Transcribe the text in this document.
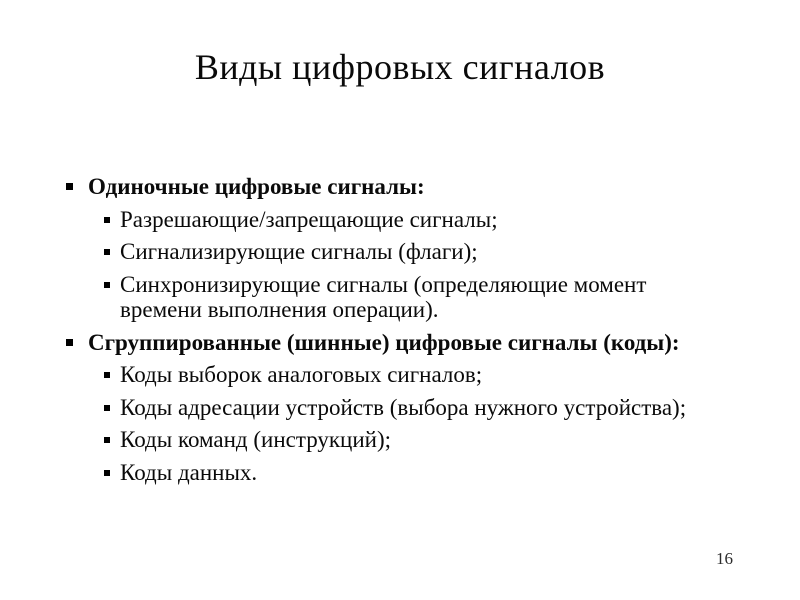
Виды цифровых сигналов
Одиночные цифровые сигналы:
Разрешающие/запрещающие сигналы;
Сигнализирующие сигналы (флаги);
Синхронизирующие сигналы (определяющие момент времени выполнения операции).
Сгруппированные (шинные) цифровые сигналы (коды):
Коды выборок аналоговых сигналов;
Коды адресации устройств (выбора нужного устройства);
Коды команд (инструкций);
Коды данных.
16
